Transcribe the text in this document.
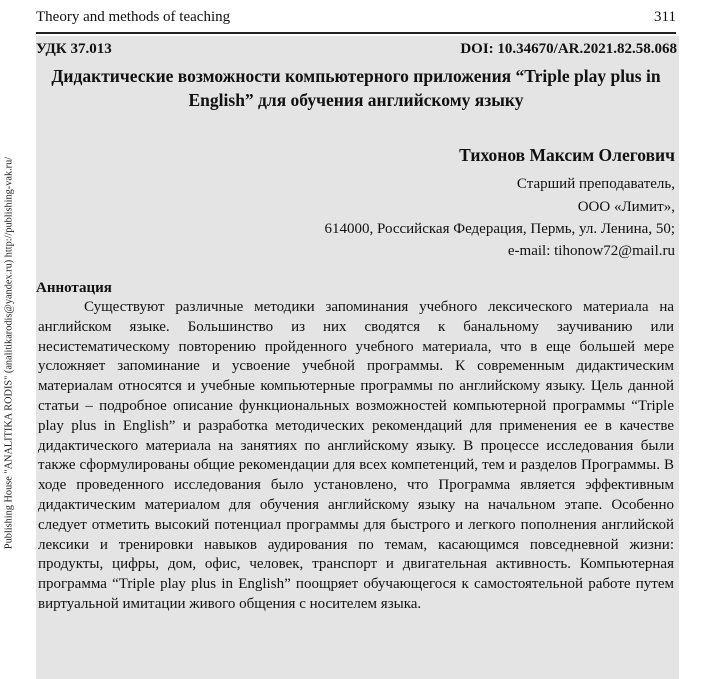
Theory and methods of teaching	311
Publishing House "ANALITIKA RODIS" (analitikarodis@yandex.ru) http://publishing-vak.ru/
УДК 37.013	DOI: 10.34670/AR.2021.82.58.068
Дидактические возможности компьютерного приложения “Triple play plus in English” для обучения английскому языку
Тихонов Максим Олегович
Старший преподаватель,
ООО «Лимит»,
614000, Российская Федерация, Пермь, ул. Ленина, 50;
e-mail: tihonow72@mail.ru
Аннотация

Существуют различные методики запоминания учебного лексического материала на английском языке. Большинство из них сводятся к банальному заучиванию или несистематическому повторению пройденного учебного материала, что в еще большей мере усложняет запоминание и усвоение учебной программы. К современным дидактическим материалам относятся и учебные компьютерные программы по английскому языку. Цель данной статьи – подробное описание функциональных возможностей компьютерной программы “Triple play plus in English” и разработка методических рекомендаций для применения ее в качестве дидактического материала на занятиях по английскому языку. В процессе исследования были также сформулированы общие рекомендации для всех компетенций, тем и разделов Программы. В ходе проведенного исследования было установлено, что Программа является эффективным дидактическим материалом для обучения английскому языку на начальном этапе. Особенно следует отметить высокий потенциал программы для быстрого и легкого пополнения английской лексики и тренировки навыков аудирования по темам, касающимся повседневной жизни: продукты, цифры, дом, офис, человек, транспорт и двигательная активность. Компьютерная программа “Triple play plus in English” поощряет обучающегося к самостоятельной работе путем виртуальной имитации живого общения с носителем языка.
